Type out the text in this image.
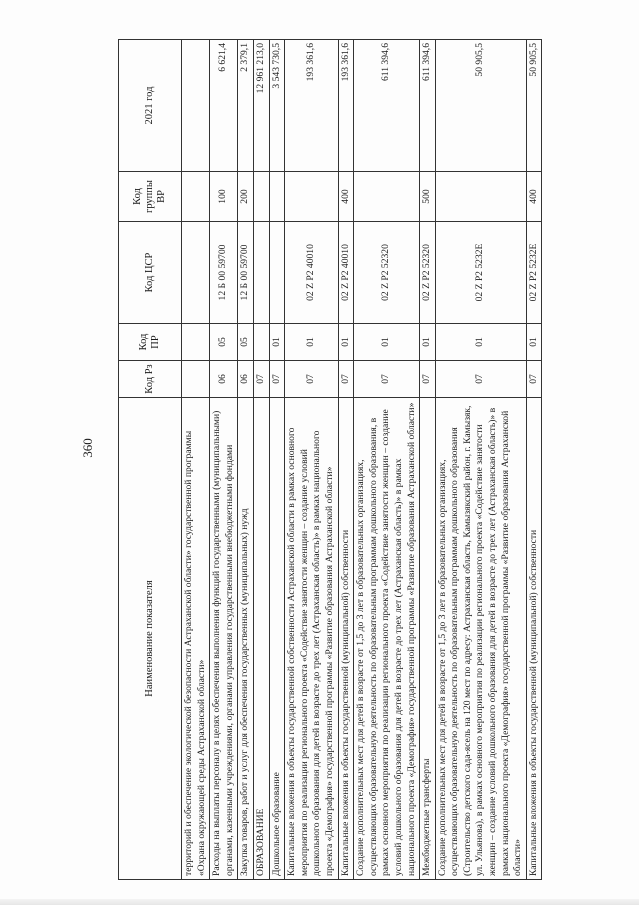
360
Наименование показателя	Код Рз	Код ПР	Код ЦСР	Код группы ВР	2021 год
территорий и обеспечение экологической безопасности Астраханской области» государственной программы «Охрана окружающей среды Астраханской области»					
Расходы на выплаты персоналу в целях обеспечения выполнения функций государственными (муниципальными) органами, казенными учреждениями, органами управления государственными внебюджетными фондами	06	05	12 Б 00 59700	100	6 621,4
Закупка товаров, работ и услуг для обеспечения государственных (муниципальных) нужд	06	05	12 Б 00 59700	200	2 379,1
ОБРАЗОВАНИЕ	07				12 961 213,0
Дошкольное образование	07	01			3 543 730,5
Капитальные вложения в объекты государственной собственности Астраханской области в рамках основного мероприятия по реализации регионального проекта «Содействие занятости женщин – создание условий дошкольного образования для детей в возрасте до трех лет (Астраханская область)» в рамках национального проекта «Демография» государственной программы «Развитие образования Астраханской области»	07	01	02 Z P2 40010		193 361,6
Капитальные вложения в объекты государственной (муниципальной) собственности	07	01	02 Z P2 40010	400	193 361,6
Создание дополнительных мест для детей в возрасте от 1,5 до 3 лет в образовательных организациях, осуществляющих образовательную деятельность по образовательным программам дошкольного образования, в рамках основного мероприятия по реализации регионального проекта «Содействие занятости женщин – создание условий дошкольного образования для детей в возрасте до трех лет (Астраханская область)» в рамках национального проекта «Демография» государственной программы «Развитие образования Астраханской области»	07	01	02 Z P2 52320		611 394,6
Межбюджетные трансферты	07	01	02 Z P2 52320	500	611 394,6
Создание дополнительных мест для детей в возрасте от 1,5 до 3 лет в образовательных организациях, осуществляющих образовательную деятельность по образовательным программам дошкольного образования (Строительство детского сада-ясель на 120 мест по адресу: Астраханская область, Камызякский район, г. Камызяк, ул. Ульянова), в рамках основного мероприятия по реализации регионального проекта «Содействие занятости женщин – создание условий дошкольного образования для детей в возрасте до трех лет (Астраханская область)» в рамках национального проекта «Демография» государственной программы «Развитие образования Астраханской области»	07	01	02 Z P2 5232E		50 905,5
Капитальные вложения в объекты государственной (муниципальной) собственности	07	01	02 Z P2 5232E	400	50 905,5
